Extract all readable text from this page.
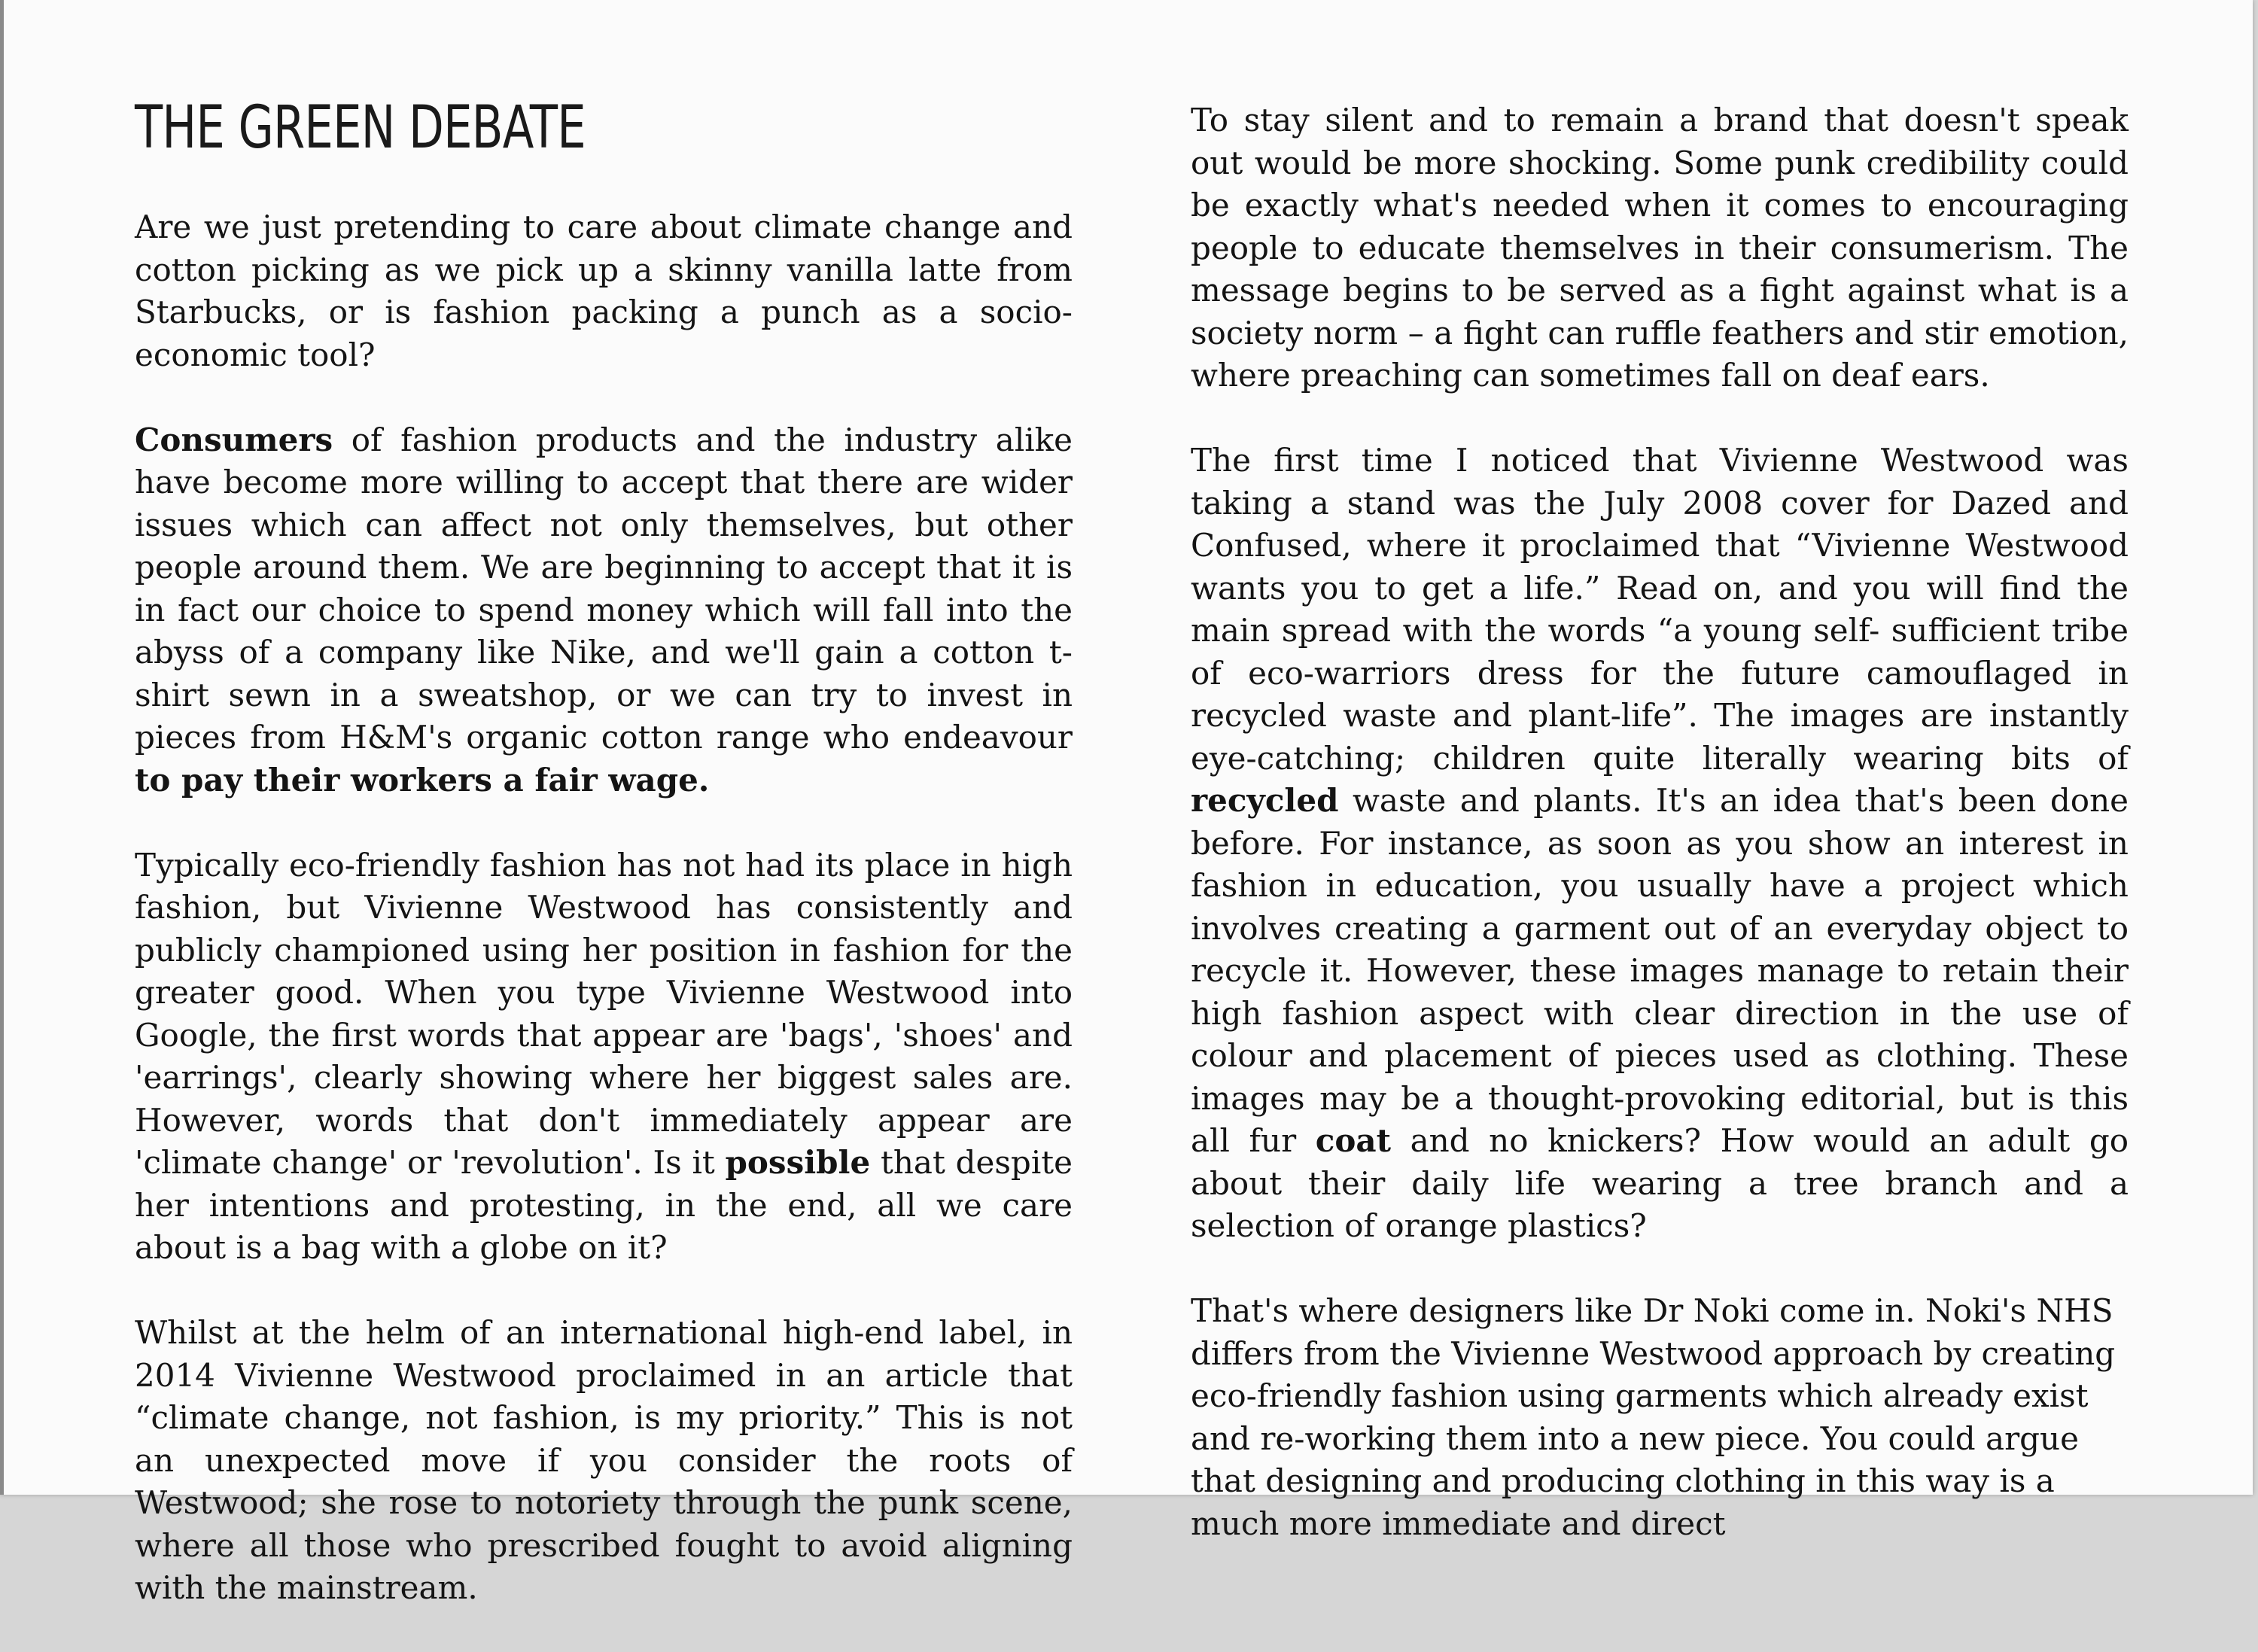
THE GREEN DEBATE

Are we just pretending to care about climate change and cotton picking as we pick up a skinny vanilla latte from Starbucks, or is fashion packing a punch as a socio-economic tool?

Consumers of fashion products and the industry alike have become more willing to accept that there are wider issues which can affect not only themselves, but other people around them. We are beginning to accept that it is in fact our choice to spend money which will fall into the abyss of a company like Nike, and we'll gain a cotton t-shirt sewn in a sweatshop, or we can try to invest in pieces from H&M's organic cotton range who endeavour to pay their workers a fair wage.

Typically eco-friendly fashion has not had its place in high fashion, but Vivienne Westwood has consistently and publicly championed using her position in fashion for the greater good. When you type Vivienne Westwood into Google, the first words that appear are 'bags', 'shoes' and 'earrings', clearly showing where her biggest sales are. However, words that don't immediately appear are 'climate change' or 'revolution'. Is it possible that despite her intentions and protesting, in the end, all we care about is a bag with a globe on it?

Whilst at the helm of an international high-end label, in 2014 Vivienne Westwood proclaimed in an article that “climate change, not fashion, is my priority.” This is not an unexpected move if you consider the roots of Westwood; she rose to notoriety through the punk scene, where all those who prescribed fought to avoid aligning with the mainstream.

To stay silent and to remain a brand that doesn't speak out would be more shocking. Some punk credibility could be exactly what's needed when it comes to encouraging people to educate themselves in their consumerism. The message begins to be served as a fight against what is a society norm – a fight can ruffle feathers and stir emotion, where preaching can sometimes fall on deaf ears.

The first time I noticed that Vivienne Westwood was taking a stand was the July 2008 cover for Dazed and Confused, where it proclaimed that “Vivienne Westwood wants you to get a life.” Read on, and you will find the main spread with the words “a young self- sufficient tribe of eco-warriors dress for the future camouflaged in recycled waste and plant-life”. The images are instantly eye-catching; children quite literally wearing bits of recycled waste and plants. It's an idea that's been done before. For instance, as soon as you show an interest in fashion in education, you usually have a project which involves creating a garment out of an everyday object to recycle it. However, these images manage to retain their high fashion aspect with clear direction in the use of colour and placement of pieces used as clothing. These images may be a thought-provoking editorial, but is this all fur coat and no knickers? How would an adult go about their daily life wearing a tree branch and a selection of orange plastics?

That's where designers like Dr Noki come in. Noki's NHS differs from the Vivienne Westwood approach by creating eco-friendly fashion using garments which already exist and re-working them into a new piece. You could argue that designing and producing clothing in this way is a much more immediate and direct
